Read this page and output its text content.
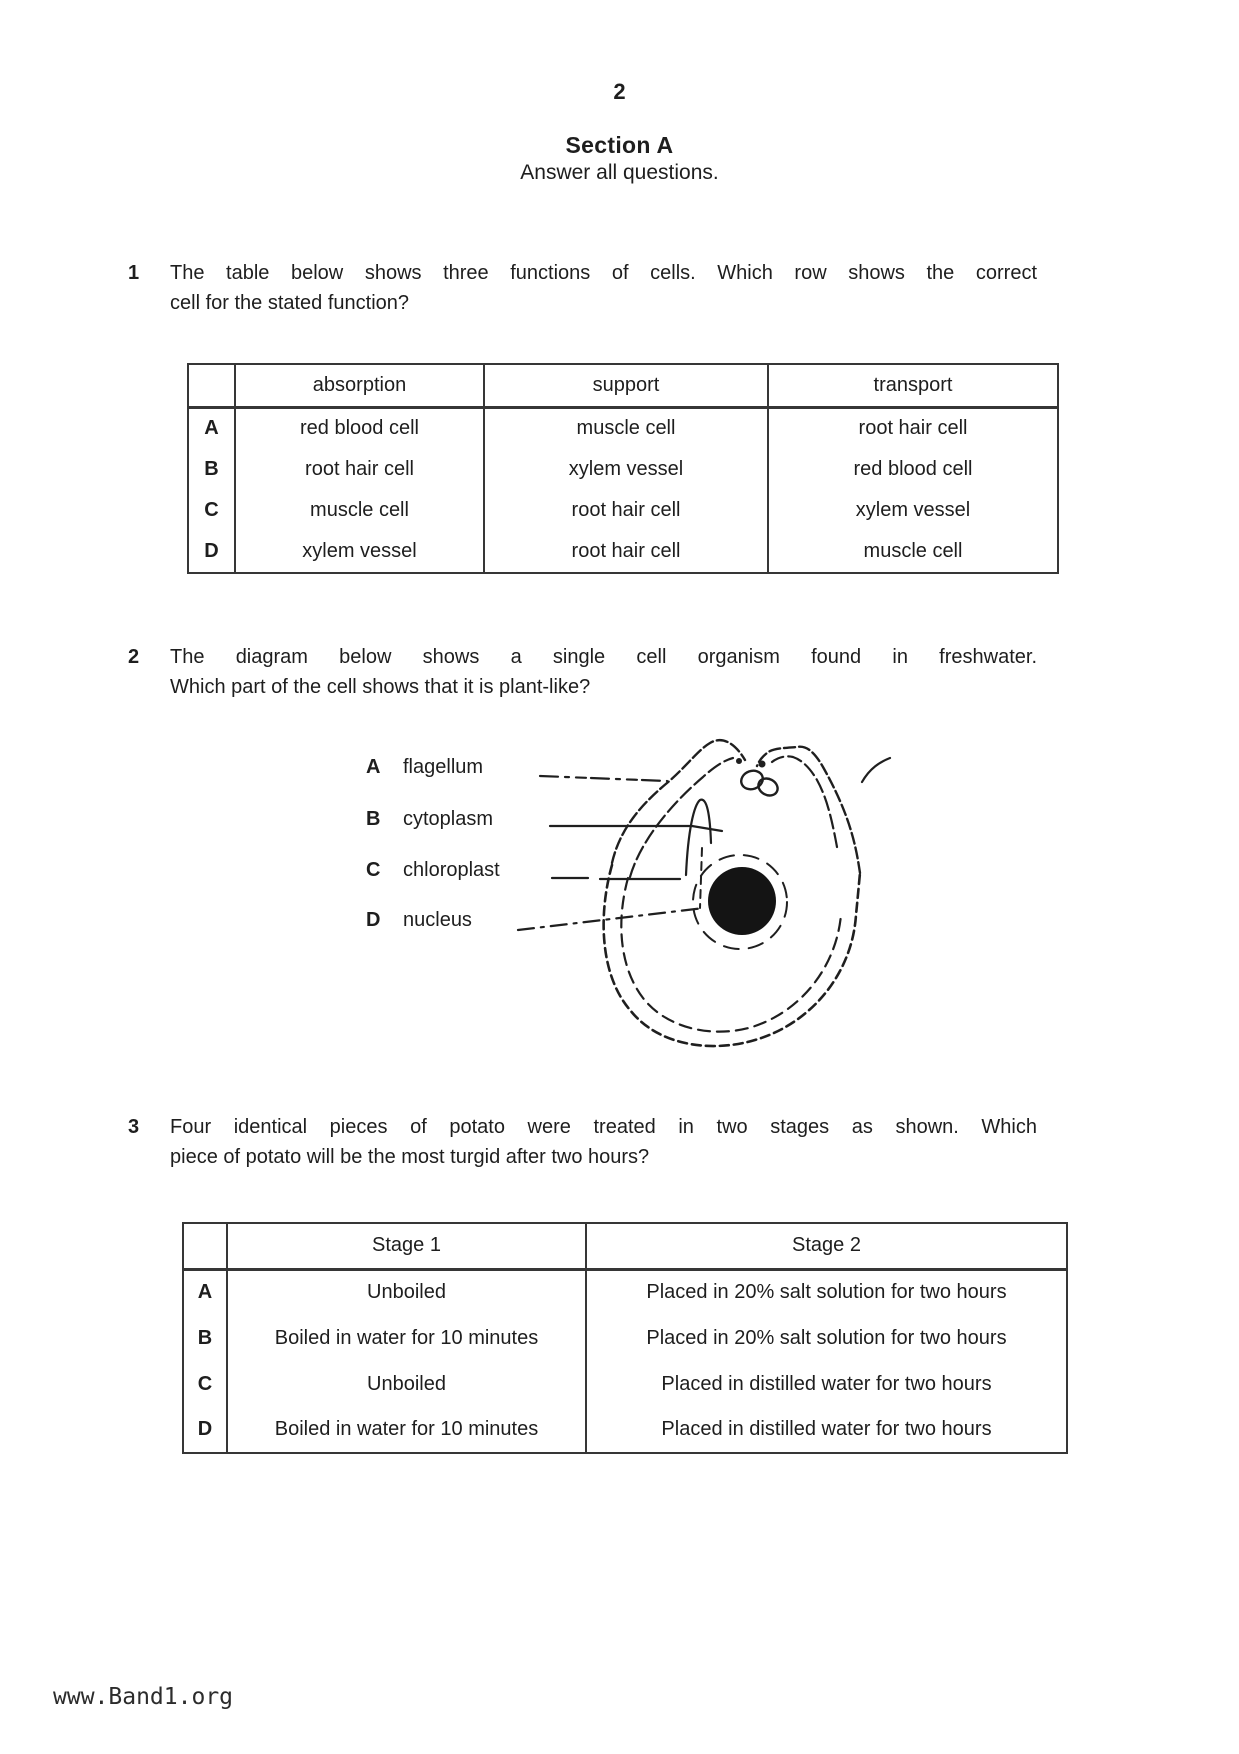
2
Section A
Answer all questions.
1 The table below shows three functions of cells. Which row shows the correct
cell for the stated function?
	absorption	support	transport
A	red blood cell	muscle cell	root hair cell
B	root hair cell	xylem vessel	red blood cell
C	muscle cell	root hair cell	xylem vessel
D	xylem vessel	root hair cell	muscle cell
2 The diagram below shows a single cell organism found in freshwater.
Which part of the cell shows that it is plant-like?
A	flagellum
B	cytoplasm
C	chloroplast
D	nucleus
3 Four identical pieces of potato were treated in two stages as shown. Which
piece of potato will be the most turgid after two hours?
	Stage 1	Stage 2
A	Unboiled	Placed in 20% salt solution for two hours
B	Boiled in water for 10 minutes	Placed in 20% salt solution for two hours
C	Unboiled	Placed in distilled water for two hours
D	Boiled in water for 10 minutes	Placed in distilled water for two hours
www.Band1.org
